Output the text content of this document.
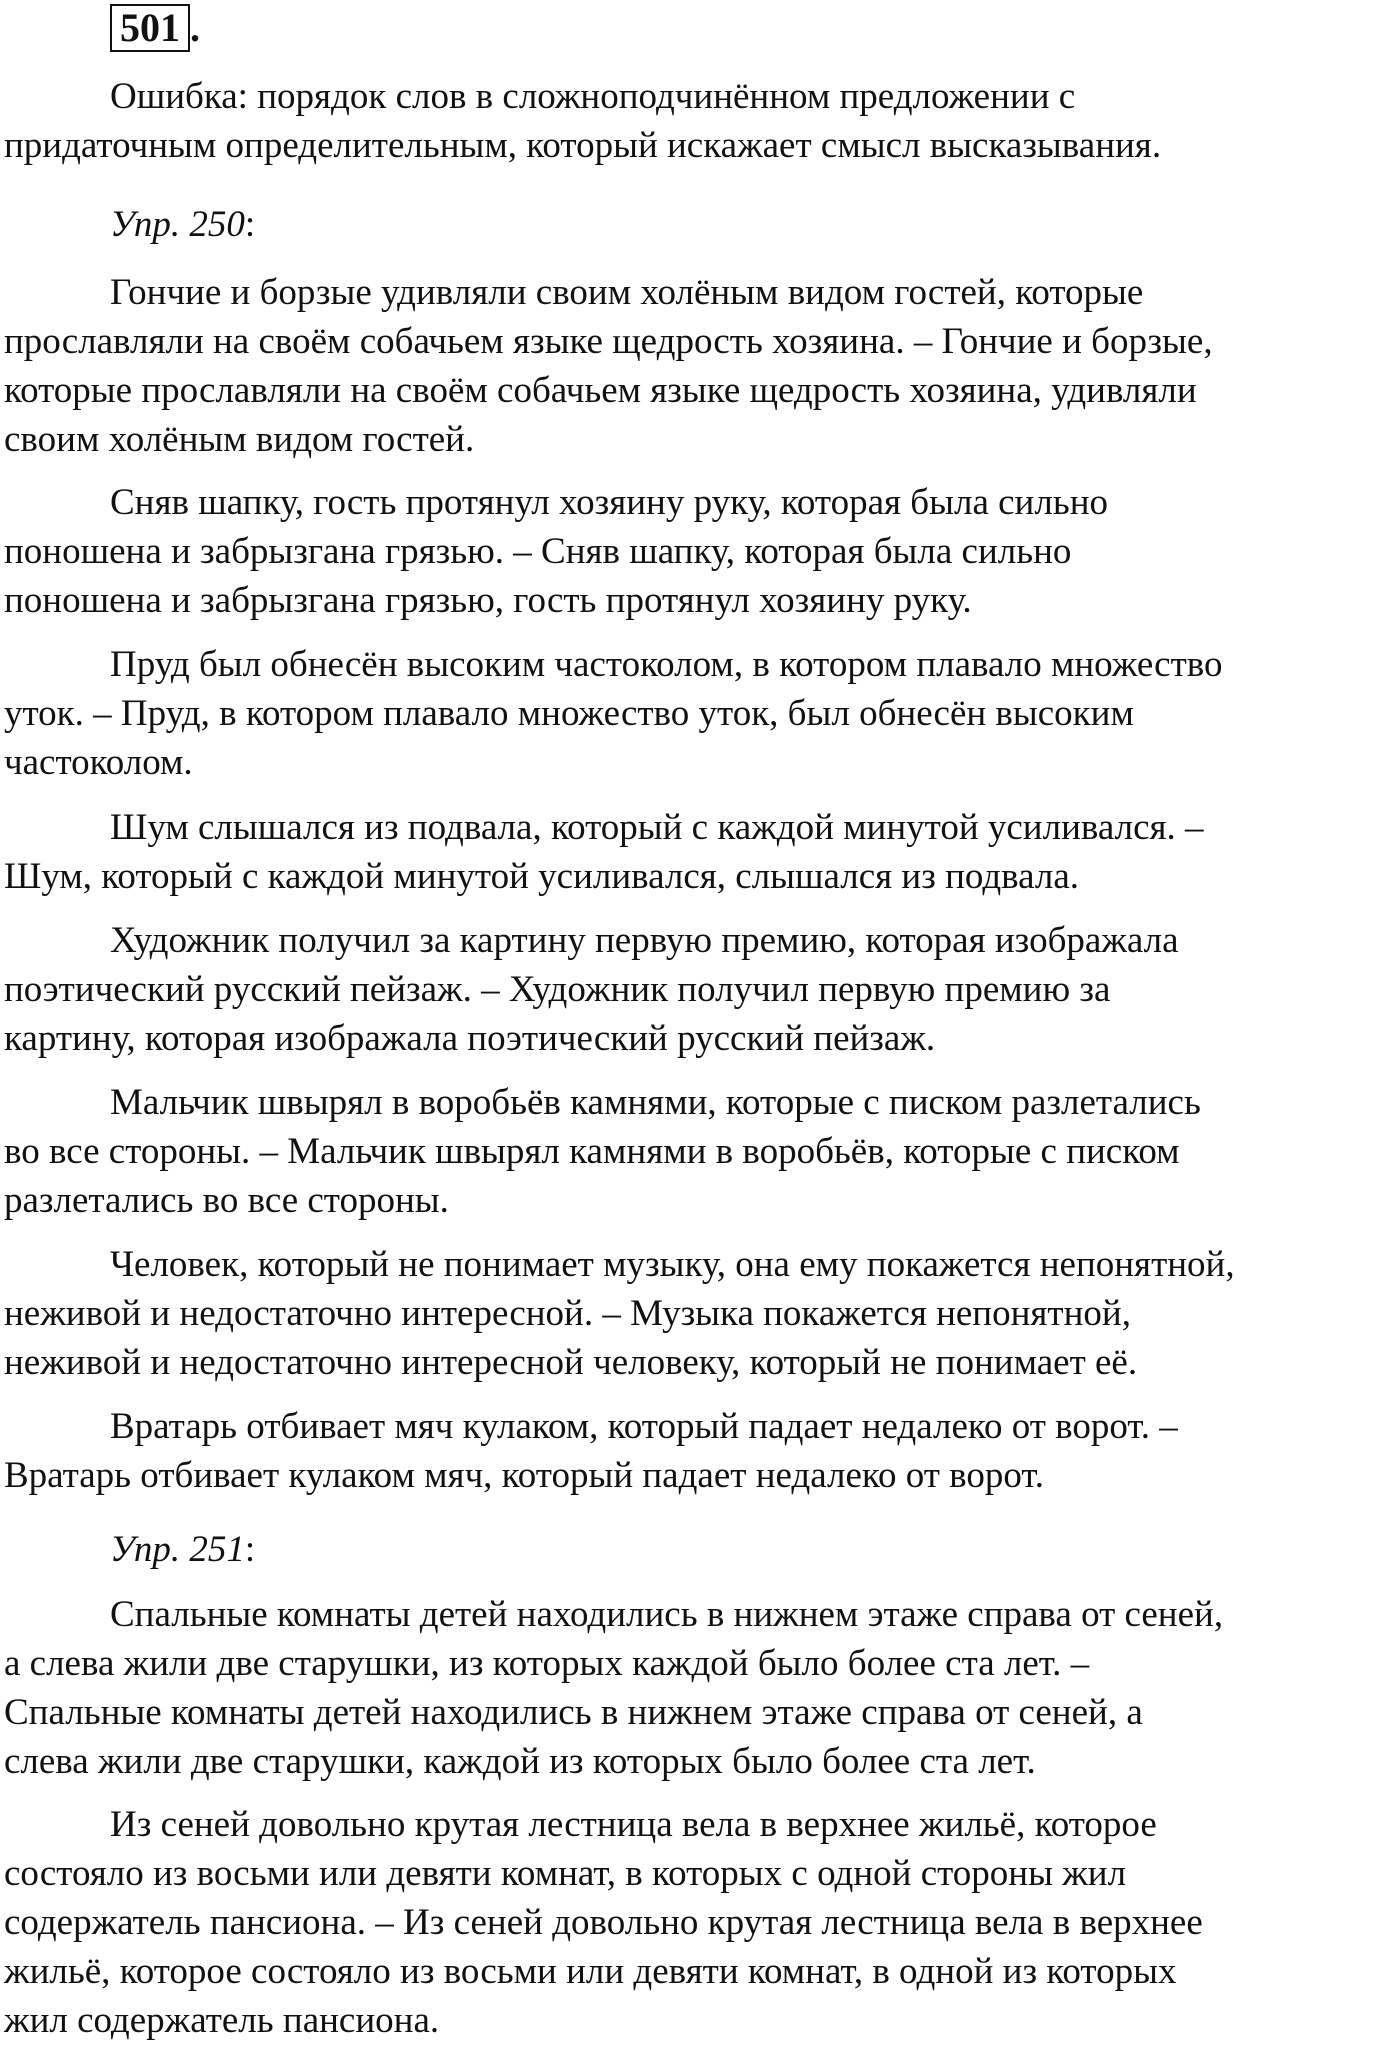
501 .

Ошибка: порядок слов в сложноподчинённом предложении с
придаточным определительным, который искажает смысл высказывания.

Упр. 250:

Гончие и борзые удивляли своим холёным видом гостей, которые
прославляли на своём собачьем языке щедрость хозяина. – Гончие и борзые,
которые прославляли на своём собачьем языке щедрость хозяина, удивляли
своим холёным видом гостей.

Сняв шапку, гость протянул хозяину руку, которая была сильно
поношена и забрызгана грязью. – Сняв шапку, которая была сильно
поношена и забрызгана грязью, гость протянул хозяину руку.

Пруд был обнесён высоким частоколом, в котором плавало множество
уток. – Пруд, в котором плавало множество уток, был обнесён высоким
частоколом.

Шум слышался из подвала, который с каждой минутой усиливался. –
Шум, который с каждой минутой усиливался, слышался из подвала.

Художник получил за картину первую премию, которая изображала
поэтический русский пейзаж. – Художник получил первую премию за
картину, которая изображала поэтический русский пейзаж.

Мальчик швырял в воробьёв камнями, которые с писком разлетались
во все стороны. – Мальчик швырял камнями в воробьёв, которые с писком
разлетались во все стороны.

Человек, который не понимает музыку, она ему покажется непонятной,
неживой и недостаточно интересной. – Музыка покажется непонятной,
неживой и недостаточно интересной человеку, который не понимает её.

Вратарь отбивает мяч кулаком, который падает недалеко от ворот. –
Вратарь отбивает кулаком мяч, который падает недалеко от ворот.

Упр. 251:

Спальные комнаты детей находились в нижнем этаже справа от сеней,
а слева жили две старушки, из которых каждой было более ста лет. –
Спальные комнаты детей находились в нижнем этаже справа от сеней, а
слева жили две старушки, каждой из которых было более ста лет.

Из сеней довольно крутая лестница вела в верхнее жильё, которое
состояло из восьми или девяти комнат, в которых с одной стороны жил
содержатель пансиона. – Из сеней довольно крутая лестница вела в верхнее
жильё, которое состояло из восьми или девяти комнат, в одной из которых
жил содержатель пансиона.
